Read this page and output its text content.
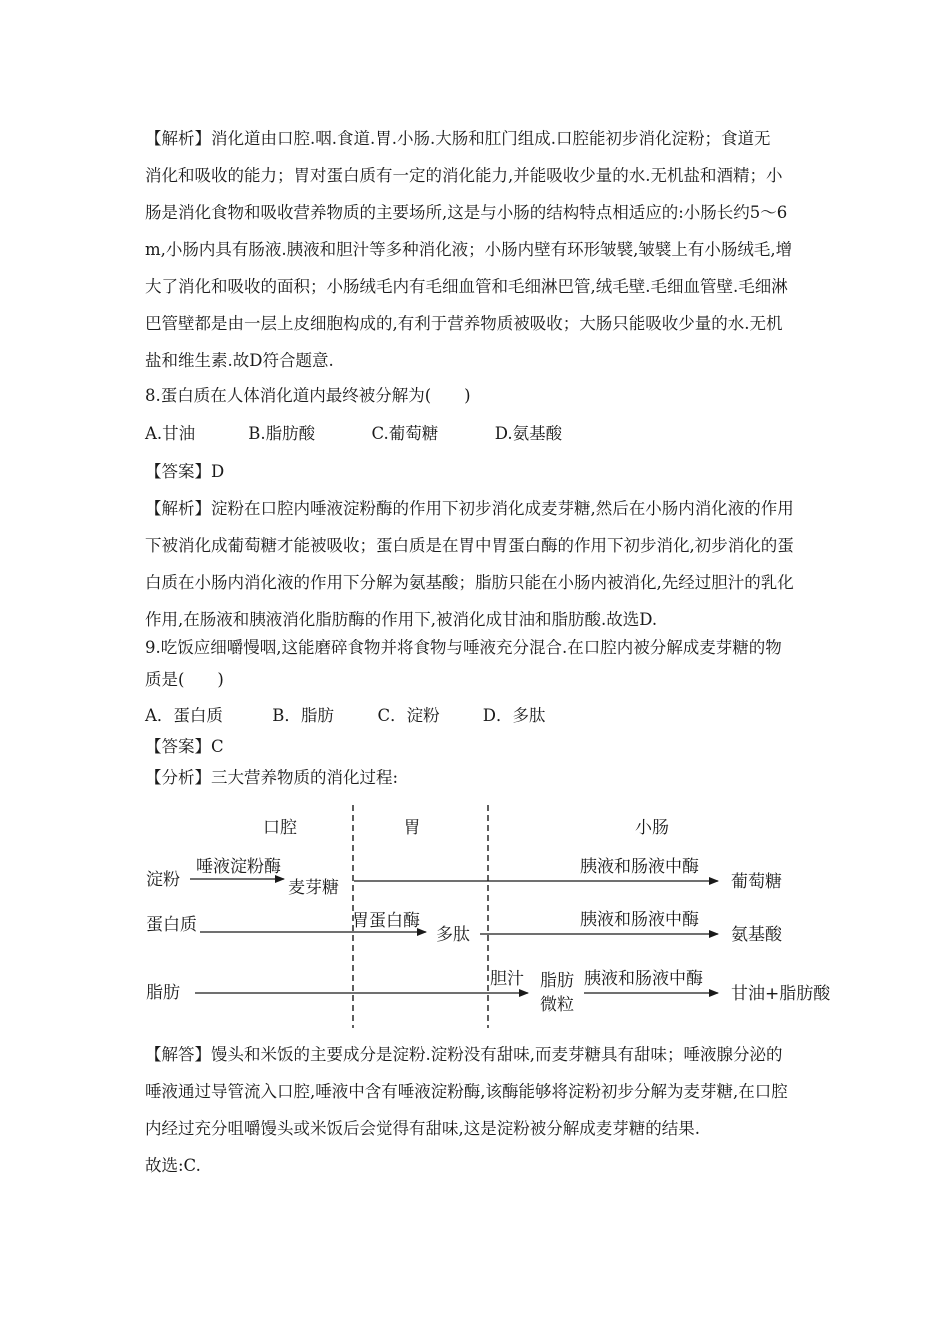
【解析】消化道由口腔.咽.食道.胃.小肠.大肠和肛门组成.口腔能初步消化淀粉；食道无
消化和吸收的能力；胃对蛋白质有一定的消化能力,并能吸收少量的水.无机盐和酒精；小
肠是消化食物和吸收营养物质的主要场所,这是与小肠的结构特点相适应的:小肠长约5～6
m,小肠内具有肠液.胰液和胆汁等多种消化液；小肠内壁有环形皱襞,皱襞上有小肠绒毛,增
大了消化和吸收的面积；小肠绒毛内有毛细血管和毛细淋巴管,绒毛壁.毛细血管壁.毛细淋
巴管壁都是由一层上皮细胞构成的,有利于营养物质被吸收；大肠只能吸收少量的水.无机
盐和维生素.故D符合题意.
8.蛋白质在人体消化道内最终被分解为(　　)
A.甘油	B.脂肪酸	C.葡萄糖	D.氨基酸
【答案】D
【解析】淀粉在口腔内唾液淀粉酶的作用下初步消化成麦芽糖,然后在小肠内消化液的作用
下被消化成葡萄糖才能被吸收；蛋白质是在胃中胃蛋白酶的作用下初步消化,初步消化的蛋
白质在小肠内消化液的作用下分解为氨基酸；脂肪只能在小肠内被消化,先经过胆汁的乳化
作用,在肠液和胰液消化脂肪酶的作用下,被消化成甘油和脂肪酸.故选D.
9.吃饭应细嚼慢咽,这能磨碎食物并将食物与唾液充分混合.在口腔内被分解成麦芽糖的物
质是(　　)
A．蛋白质	B．脂肪	C．淀粉	D．多肽
【答案】C
【分析】三大营养物质的消化过程:
口腔	胃	小肠
淀粉
唾液淀粉酶
麦芽糖
胰液和肠液中酶
葡萄糖
蛋白质	胃蛋白酶
多肽
胰液和肠液中酶
氨基酸
脂肪
胆汁 脂肪
微粒
胰液和肠液中酶
甘油+脂肪酸
【解答】馒头和米饭的主要成分是淀粉.淀粉没有甜味,而麦芽糖具有甜味；唾液腺分泌的
唾液通过导管流入口腔,唾液中含有唾液淀粉酶,该酶能够将淀粉初步分解为麦芽糖,在口腔
内经过充分咀嚼馒头或米饭后会觉得有甜味,这是淀粉被分解成麦芽糖的结果.
故选:C.
